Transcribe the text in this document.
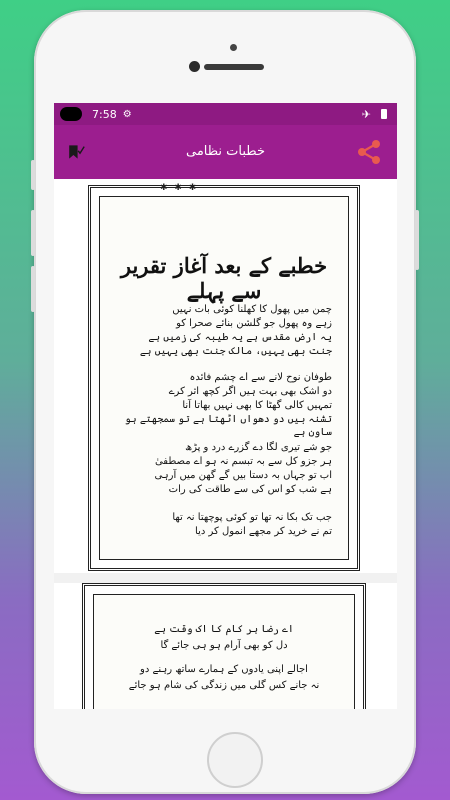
7:58 ⚙	✈
خطبات نظامی
✱ ✱ ✱
خطبے کے بعد آغاز تقریر سے پہلے
چمن میں پھول کا کھلنا کوئی بات نہیں
زہے وہ پھول جو گلشن بنائے صحرا کو
یہ ارض مقدس ہے یہ طیبہ کی زمیں ہے
جنت بھی یہیں، مالک جنت بھی یہیں ہے
طوفان نوح لانے سے اے چشم فائدہ
دو اشک بھی بہت ہیں اگر کچھ اثر کرے
تمہیں کالی گھٹا کا بھی نہیں بھاتا آنا
تشنہ بیں دو دھواں اٹھتا ہے تو سمجھتے ہو ساون ہے
جو شے تیری لگا دے گزرے درد و پڑھ
ہر جزو کل سے بہ تبسم نہ ہو اے مصطفیٰ
اب تو جہاں بہ دستا بیں گے گھن میں آرہی
ہے شب کو اس کی سے طاقت کی رات
جب تک بکا نہ تھا تو کوئی پوچھتا نہ تھا
تم نے خرید کر مجھے انمول کر دیا
اے رضا ہر کام کا اک وقت ہے
دل کو بھی آرام ہو ہی جائے گا
اجالے اپنی یادوں کے ہمارے ساتھ رہنے دو
نہ جانے کس گلی میں زندگی کی شام ہو جائے
